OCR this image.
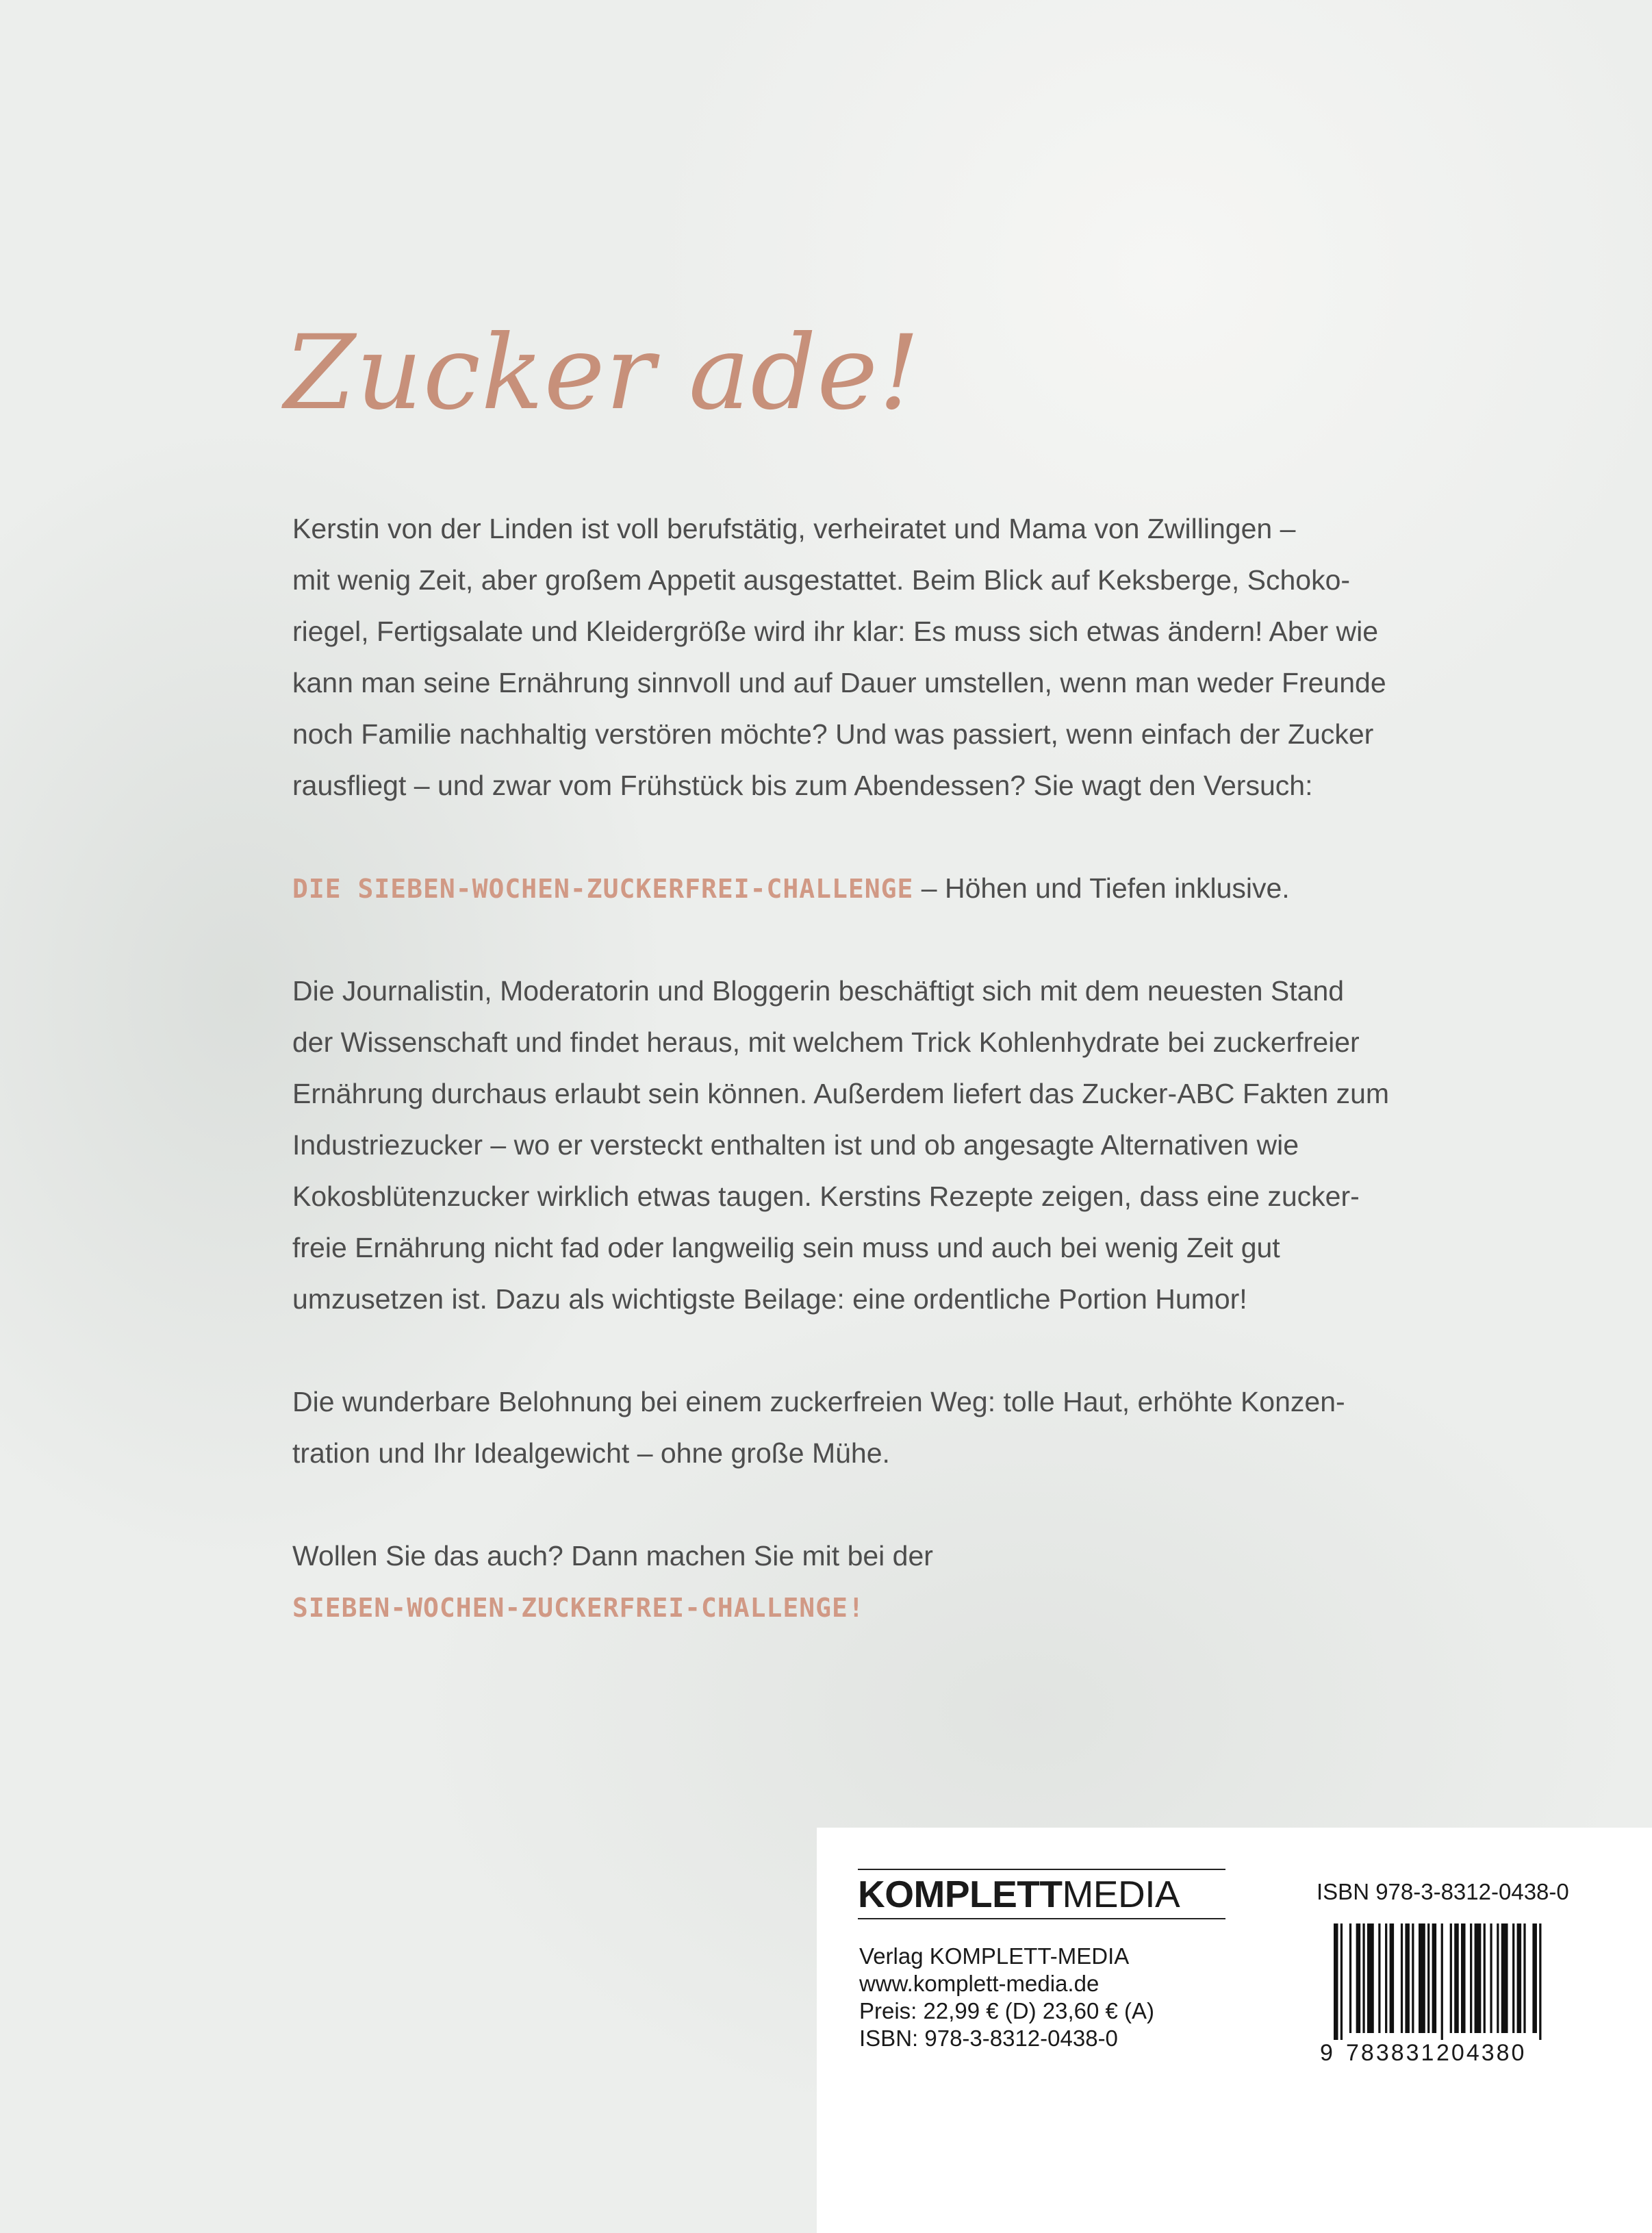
Zucker ade!
Kerstin von der Linden ist voll berufstätig, verheiratet und Mama von Zwillingen –
mit wenig Zeit, aber großem Appetit ausgestattet. Beim Blick auf Keksberge, Schoko-
riegel, Fertigsalate und Kleidergröße wird ihr klar: Es muss sich etwas ändern! Aber wie
kann man seine Ernährung sinnvoll und auf Dauer umstellen, wenn man weder Freunde
noch Familie nachhaltig verstören möchte? Und was passiert, wenn einfach der Zucker
rausfliegt – und zwar vom Frühstück bis zum Abendessen? Sie wagt den Versuch:
DIE SIEBEN-WOCHEN-ZUCKERFREI-CHALLENGE – Höhen und Tiefen inklusive.
Die Journalistin, Moderatorin und Bloggerin beschäftigt sich mit dem neuesten Stand
der Wissenschaft und findet heraus, mit welchem Trick Kohlenhydrate bei zuckerfreier
Ernährung durchaus erlaubt sein können. Außerdem liefert das Zucker-ABC Fakten zum
Industriezucker – wo er versteckt enthalten ist und ob angesagte Alternativen wie
Kokosblütenzucker wirklich etwas taugen. Kerstins Rezepte zeigen, dass eine zucker-
freie Ernährung nicht fad oder langweilig sein muss und auch bei wenig Zeit gut
umzusetzen ist. Dazu als wichtigste Beilage: eine ordentliche Portion Humor!
Die wunderbare Belohnung bei einem zuckerfreien Weg: tolle Haut, erhöhte Konzen-
tration und Ihr Idealgewicht – ohne große Mühe.
Wollen Sie das auch? Dann machen Sie mit bei der
SIEBEN-WOCHEN-ZUCKERFREI-CHALLENGE!
KOMPLETTMEDIA
Verlag KOMPLETT-MEDIA
www.komplett-media.de
Preis: 22,99 € (D) 23,60 € (A)
ISBN: 978-3-8312-0438-0
ISBN 978-3-8312-0438-0
9 783831 204380
